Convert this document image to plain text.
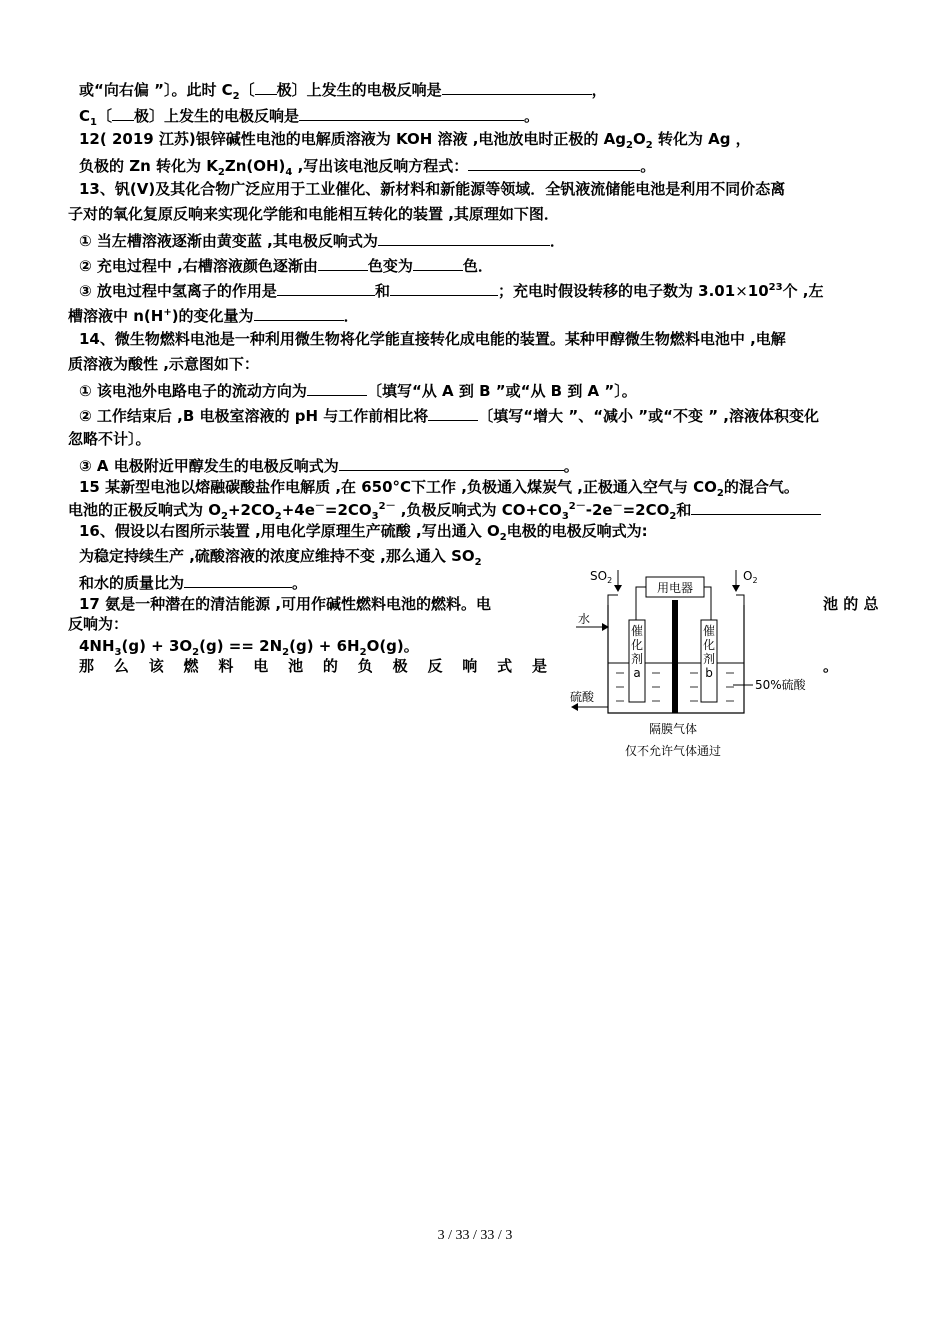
或“向右偏 ”〕。此时 $C_2$〔 极〕上发生的电极反响是	，
$C_1$〔 极〕上发生的电极反响是	。
12( 2019 江苏)银锌碱性电池的电解质溶液为 KOH 溶液 ,电池放电时正极的 $Ag_2O_2$ 转化为 Ag ，
负极的 Zn 转化为 $K_2Zn(OH)_4$ ,写出该电池反响方程式：	。
13、钒(V)及其化合物广泛应用于工业催化、新材料和新能源等领域．全钒液流储能电池是利用不同价态离
子对的氧化复原反响来实现化学能和电能相互转化的装置 ,其原理如下图．
① 当左槽溶液逐渐由黄变蓝 ,其电极反响式为	．
② 充电过程中 ,右槽溶液颜色逐渐由	色变为	色．
③ 放电过程中氢离子的作用是	和	；充电时假设转移的电子数为 $3.01\times 10^{23}$个 ,左
槽溶液中 n(H+)的变化量为	．
14、微生物燃料电池是一种利用微生物将化学能直接转化成电能的装置。某种甲醇微生物燃料电池中 ,电解
质溶液为酸性 ,示意图如下：
① 该电池外电路电子的流动方向为	〔填写“从 A 到 B ”或“从 B 到 A ”〕。
② 工作结束后 ,B 电极室溶液的 pH 与工作前相比将	〔填写“增大 ”、“减小 ”或“不变 ” ,溶液体积变化
忽略不计〕。
③ A 电极附近甲醇发生的电极反响式为	。
15 某新型电池以熔融碳酸盐作电解质 ,在 650°C下工作 ,负极通入煤炭气 ,正极通入空气与 $CO_2$的混合气。
电池的正极反响式为 $O_2+2CO_2+4e^-=2CO_3^{2-}$ ,负极反响式为 $CO+CO_3^{2-}-2e^-=2CO_2$和
16、假设以右图所示装置 ,用电化学原理生产硫酸 ,写出通入 $O_2$电极的电极反响式为:
为稳定持续生产 ,硫酸溶液的浓度应维持不变 ,那么通入 $SO_2$
和水的质量比为	。
17 氨是一种潜在的清洁能源 ,可用作碱性燃料电池的燃料。电	池 的 总
反响为：
$4NH_3(g) + 3O_2(g) == 2N_2(g) + 6H_2O(g)$。
那 么 该 燃 料 电 池 的 负 极 反 响 式 是	。
$SO_2$	$O_2$
用电器
水
催
化
剂
a
催
化
剂
b
50%硫酸
硫酸
隔膜气体
仅不允许气体通过
3 / 33 / 33 / 3
